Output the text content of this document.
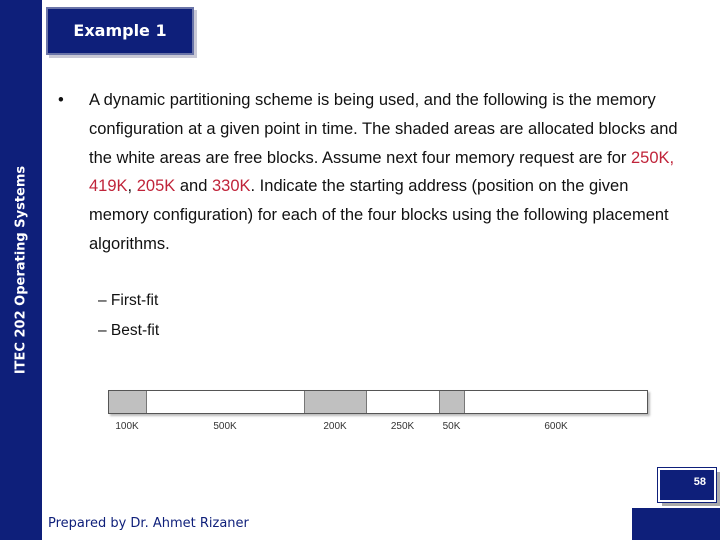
ITEC 202 Operating Systems
Example 1
• A dynamic partitioning scheme is being used, and the following is the memory configuration at a given point in time. The shaded areas are allocated blocks and the white areas are free blocks. Assume next four memory request are for 250K, 419K, 205K and 330K. Indicate the starting address (position on the given memory configuration) for each of the four blocks using the following placement algorithms.
– First-fit
– Best-fit
100K	500K	200K	250K	50K	600K
Prepared by Dr. Ahmet Rizaner
58
